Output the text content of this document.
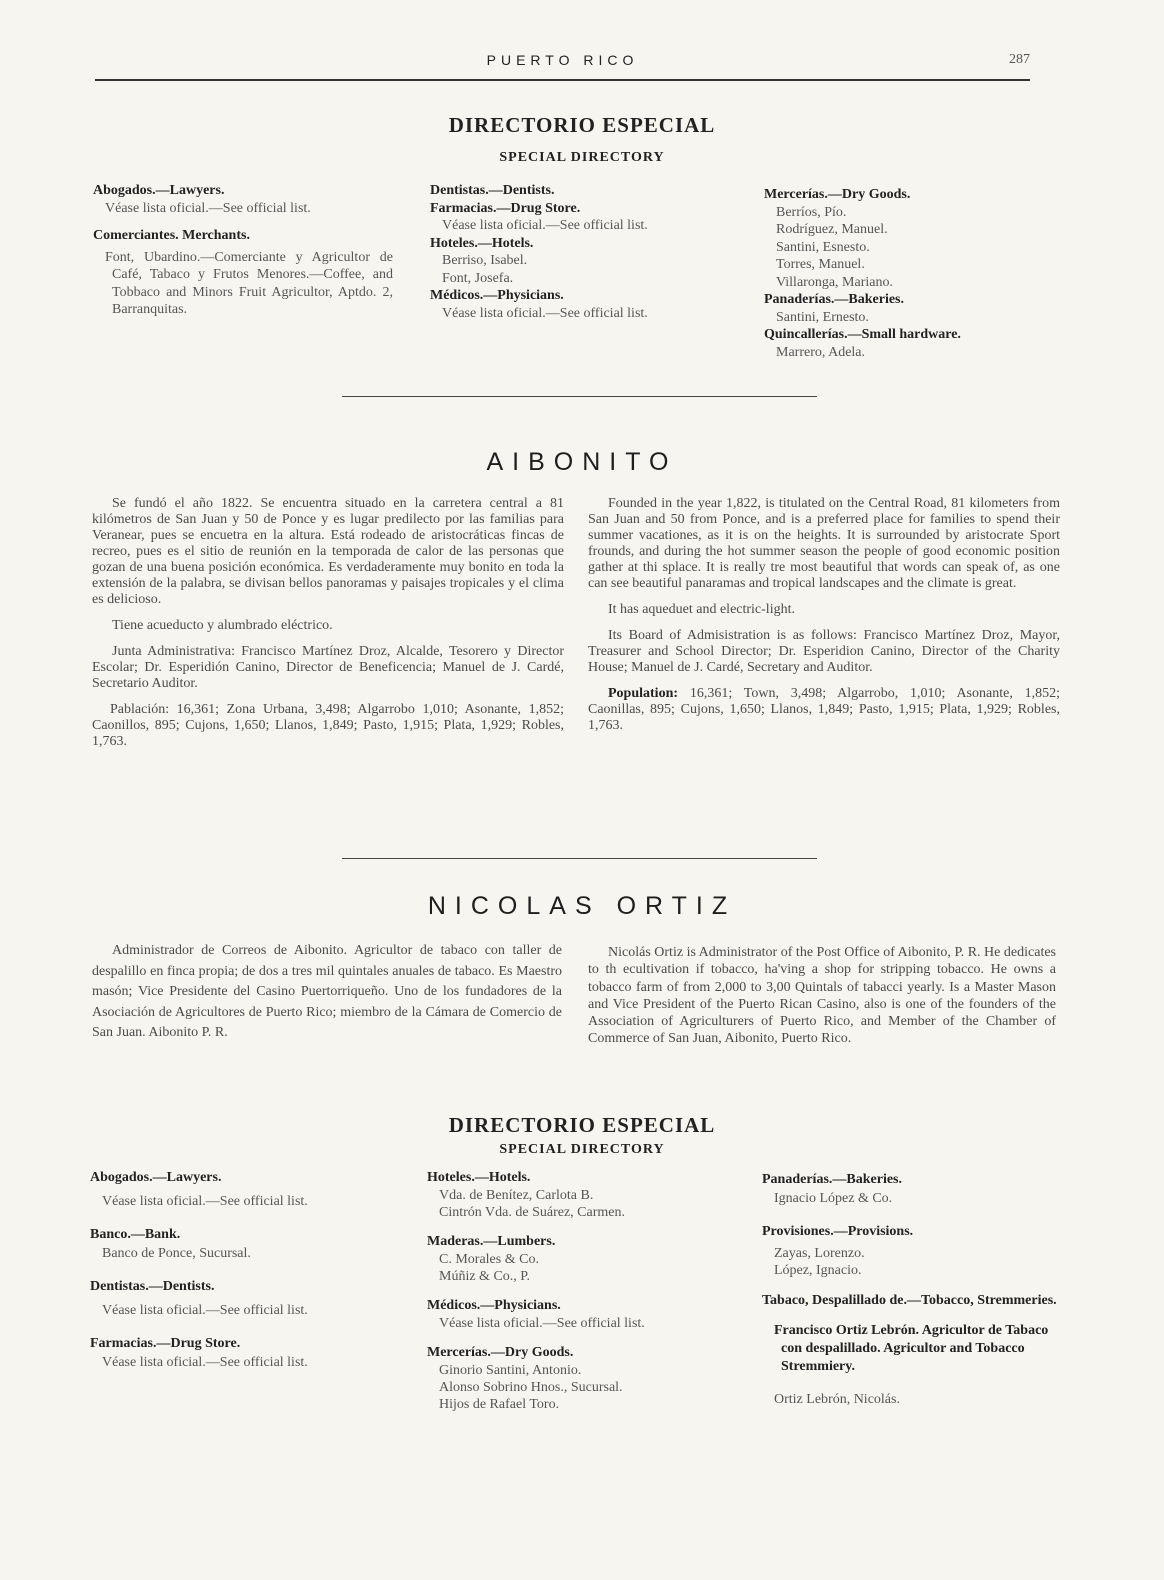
PUERTO RICO	287
DIRECTORIO ESPECIAL
SPECIAL DIRECTORY
Abogados.—Lawyers.
Véase lista oficial.—See official list.
Comerciantes. Merchants.
Font, Ubardino.—Comerciante y Agricultor de Café, Tabaco y Frutos Menores.—Coffee, and Tobbaco and Minors Fruit Agricultor, Aptdo. 2, Barranquitas.
Dentistas.—Dentists.
Farmacias.—Drug Store.
Véase lista oficial.—See official list.
Hoteles.—Hotels.
Berriso, Isabel.
Font, Josefa.
Médicos.—Physicians.
Véase lista oficial.—See official list.
Mercerías.—Dry Goods.
Berríos, Pío.
Rodríguez, Manuel.
Santini, Esnesto.
Torres, Manuel.
Villaronga, Mariano.
Panaderías.—Bakeries.
Santini, Ernesto.
Quincallerías.—Small hardware.
Marrero, Adela.
AIBONITO

Se fundó el año 1822. Se encuentra situado en la carretera central a 81 kilómetros de San Juan y 50 de Ponce y es lugar predilecto por las familias para Veranear, pues se encuetra en la altura. Está rodeado de aristocráticas fincas de recreo, pues es el sitio de reunión en la temporada de calor de las personas que gozan de una buena posición económica. Es verdaderamente muy bonito en toda la extensión de la palabra, se divisan bellos panoramas y paisajes tropicales y el clima es delicioso.

Tiene acueducto y alumbrado eléctrico.

Junta Administrativa: Francisco Martínez Droz, Alcalde, Tesorero y Director Escolar; Dr. Esperidión Canino, Director de Beneficencia; Manuel de J. Cardé, Secretario Auditor.

Pablación: 16,361; Zona Urbana, 3,498; Algarrobo 1,010; Asonante, 1,852; Caonillos, 895; Cujons, 1,650; Llanos, 1,849; Pasto, 1,915; Plata, 1,929; Robles, 1,763.

Founded in the year 1,822, is titulated on the Central Road, 81 kilometers from San Juan and 50 from Ponce, and is a preferred place for families to spend their summer vacationes, as it is on the heights. It is surrounded by aristocrate Sport frounds, and during the hot summer season the people of good economic position gather at thi splace. It is really tre most beautiful that words can speak of, as one can see beautiful panaramas and tropical landscapes and the climate is great.

It has aqueduet and electric-light.

Its Board of Admisistration is as follows: Francisco Martínez Droz, Mayor, Treasurer and School Director; Dr. Esperidion Canino, Director of the Charity House; Manuel de J. Cardé, Secretary and Auditor.

Population: 16,361; Town, 3,498; Algarrobo, 1,010; Asonante, 1,852; Caonillas, 895; Cujons, 1,650; Llanos, 1,849; Pasto, 1,915; Plata, 1,929; Robles, 1,763.

NICOLAS ORTIZ

Administrador de Correos de Aibonito. Agricultor de tabaco con taller de despalillo en finca propia; de dos a tres mil quintales anuales de tabaco. Es Maestro masón; Vice Presidente del Casino Puertorriqueño. Uno de los fundadores de la Asociación de Agricultores de Puerto Rico; miembro de la Cámara de Comercio de San Juan. Aibonito P. R.

Nicolás Ortiz is Administrator of the Post Office of Aibonito, P. R. He dedicates to th ecultivation if tobacco, ha'ving a shop for stripping tobacco. He owns a tobacco farm of from 2,000 to 3,00 Quintals of tabacci yearly. Is a Master Mason and Vice President of the Puerto Rican Casino, also is one of the founders of the Association of Agriculturers of Puerto Rico, and Member of the Chamber of Commerce of San Juan, Aibonito, Puerto Rico.

DIRECTORIO ESPECIAL
SPECIAL DIRECTORY
Abogados.—Lawyers.
Véase lista oficial.—See official list.
Banco.—Bank.
Banco de Ponce, Sucursal.
Dentistas.—Dentists.
Véase lista oficial.—See official list.
Farmacias.—Drug Store.
Véase lista oficial.—See official list.
Hoteles.—Hotels.
Vda. de Benítez, Carlota B.
Cintrón Vda. de Suárez, Carmen.
Maderas.—Lumbers.
C. Morales & Co.
Múñiz & Co., P.
Médicos.—Physicians.
Véase lista oficial.—See official list.
Mercerías.—Dry Goods.
Ginorio Santini, Antonio.
Alonso Sobrino Hnos., Sucursal.
Hijos de Rafael Toro.
Panaderías.—Bakeries.
Ignacio López & Co.
Provisiones.—Provisions.
Zayas, Lorenzo.
López, Ignacio.
Tabaco, Despalillado de.—Tobacco, Stremmeries.
Francisco Ortiz Lebrón. Agricultor de Tabaco con despalillado. Agricultor and Tobacco Stremmiery.
Ortiz Lebrón, Nicolás.
